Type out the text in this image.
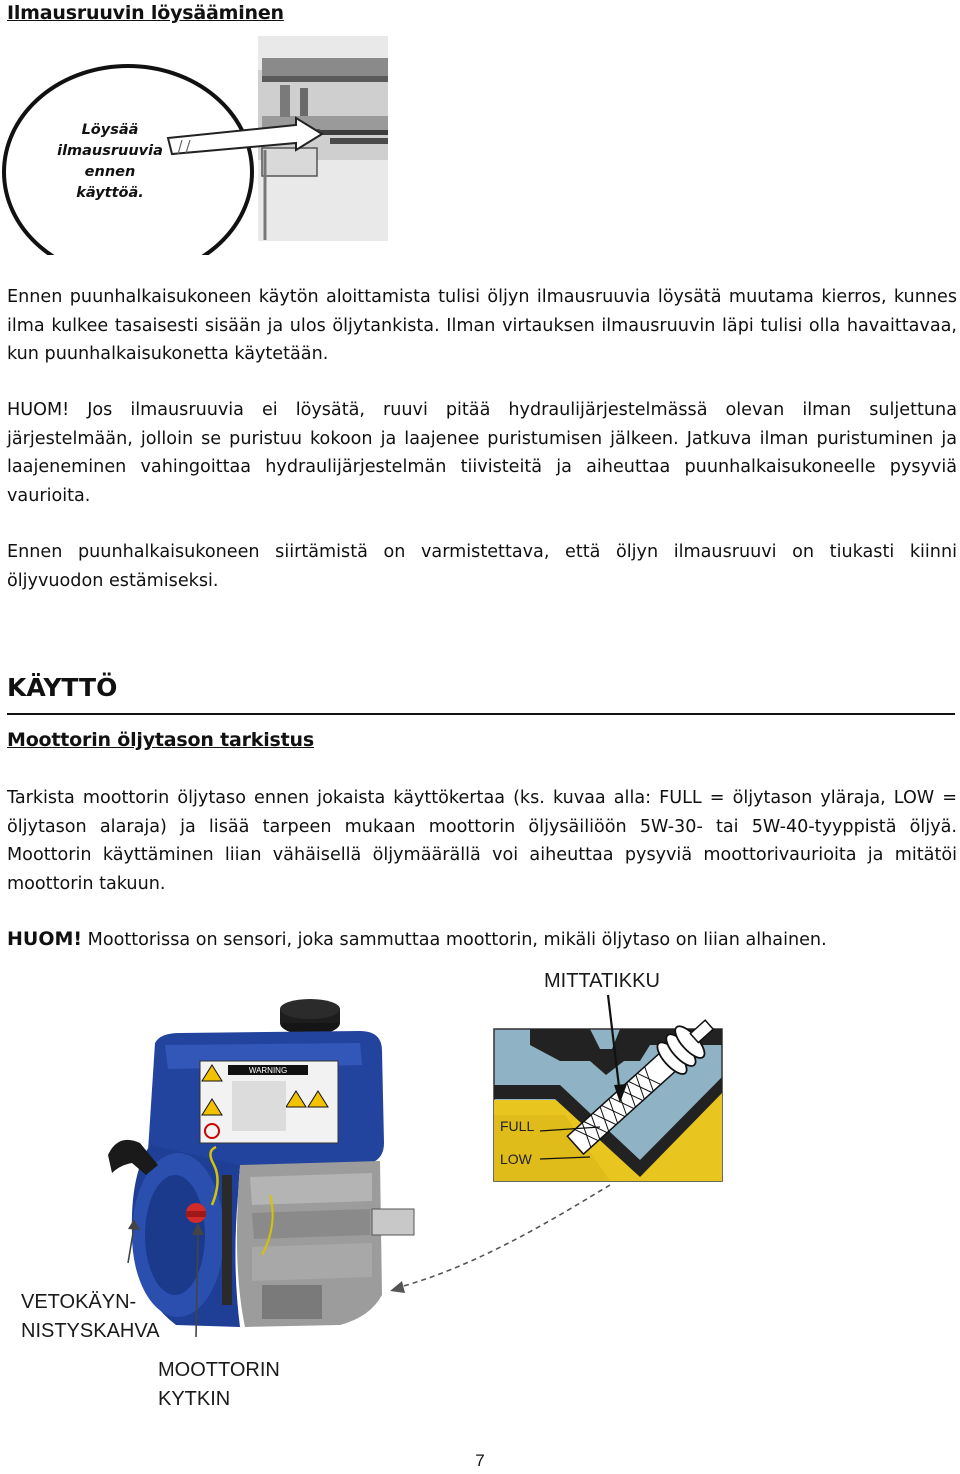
Ilmausruuvin löysääminen
Löysää
ilmausruuvia
ennen
käyttöä.

Ennen puunhalkaisukoneen käytön aloittamista tulisi öljyn ilmausruuvia löysätä muutama kierros, kunnes ilma kulkee tasaisesti sisään ja ulos öljytankista. Ilman virtauksen ilmausruuvin läpi tulisi olla havaittavaa, kun puunhalkaisukonetta käytetään.

HUOM! Jos ilmausruuvia ei löysätä, ruuvi pitää hydraulijärjestelmässä olevan ilman suljettuna järjestelmään, jolloin se puristuu kokoon ja laajenee puristumisen jälkeen. Jatkuva ilman puristuminen ja laajeneminen vahingoittaa hydraulijärjestelmän tiivisteitä ja aiheuttaa puunhalkaisukoneelle pysyviä vaurioita.

Ennen puunhalkaisukoneen siirtämistä on varmistettava, että öljyn ilmausruuvi on tiukasti kiinni öljyvuodon estämiseksi.

KÄYTTÖ
Moottorin öljytason tarkistus

Tarkista moottorin öljytaso ennen jokaista käyttökertaa (ks. kuvaa alla: FULL = öljytason yläraja, LOW = öljytason alaraja) ja lisää tarpeen mukaan moottorin öljysäiliöön 5W-30- tai 5W-40-tyyppistä öljyä. Moottorin käyttäminen liian vähäisellä öljymäärällä voi aiheuttaa pysyviä moottorivaurioita ja mitätöi moottorin takuun.

HUOM! Moottorissa on sensori, joka sammuttaa moottorin, mikäli öljytaso on liian alhainen.

FULL
LOW
WARNING
MITTATIKKU
VETOKÄYN-
NISTYSKAHVA
MOOTTORIN
KYTKIN
7
